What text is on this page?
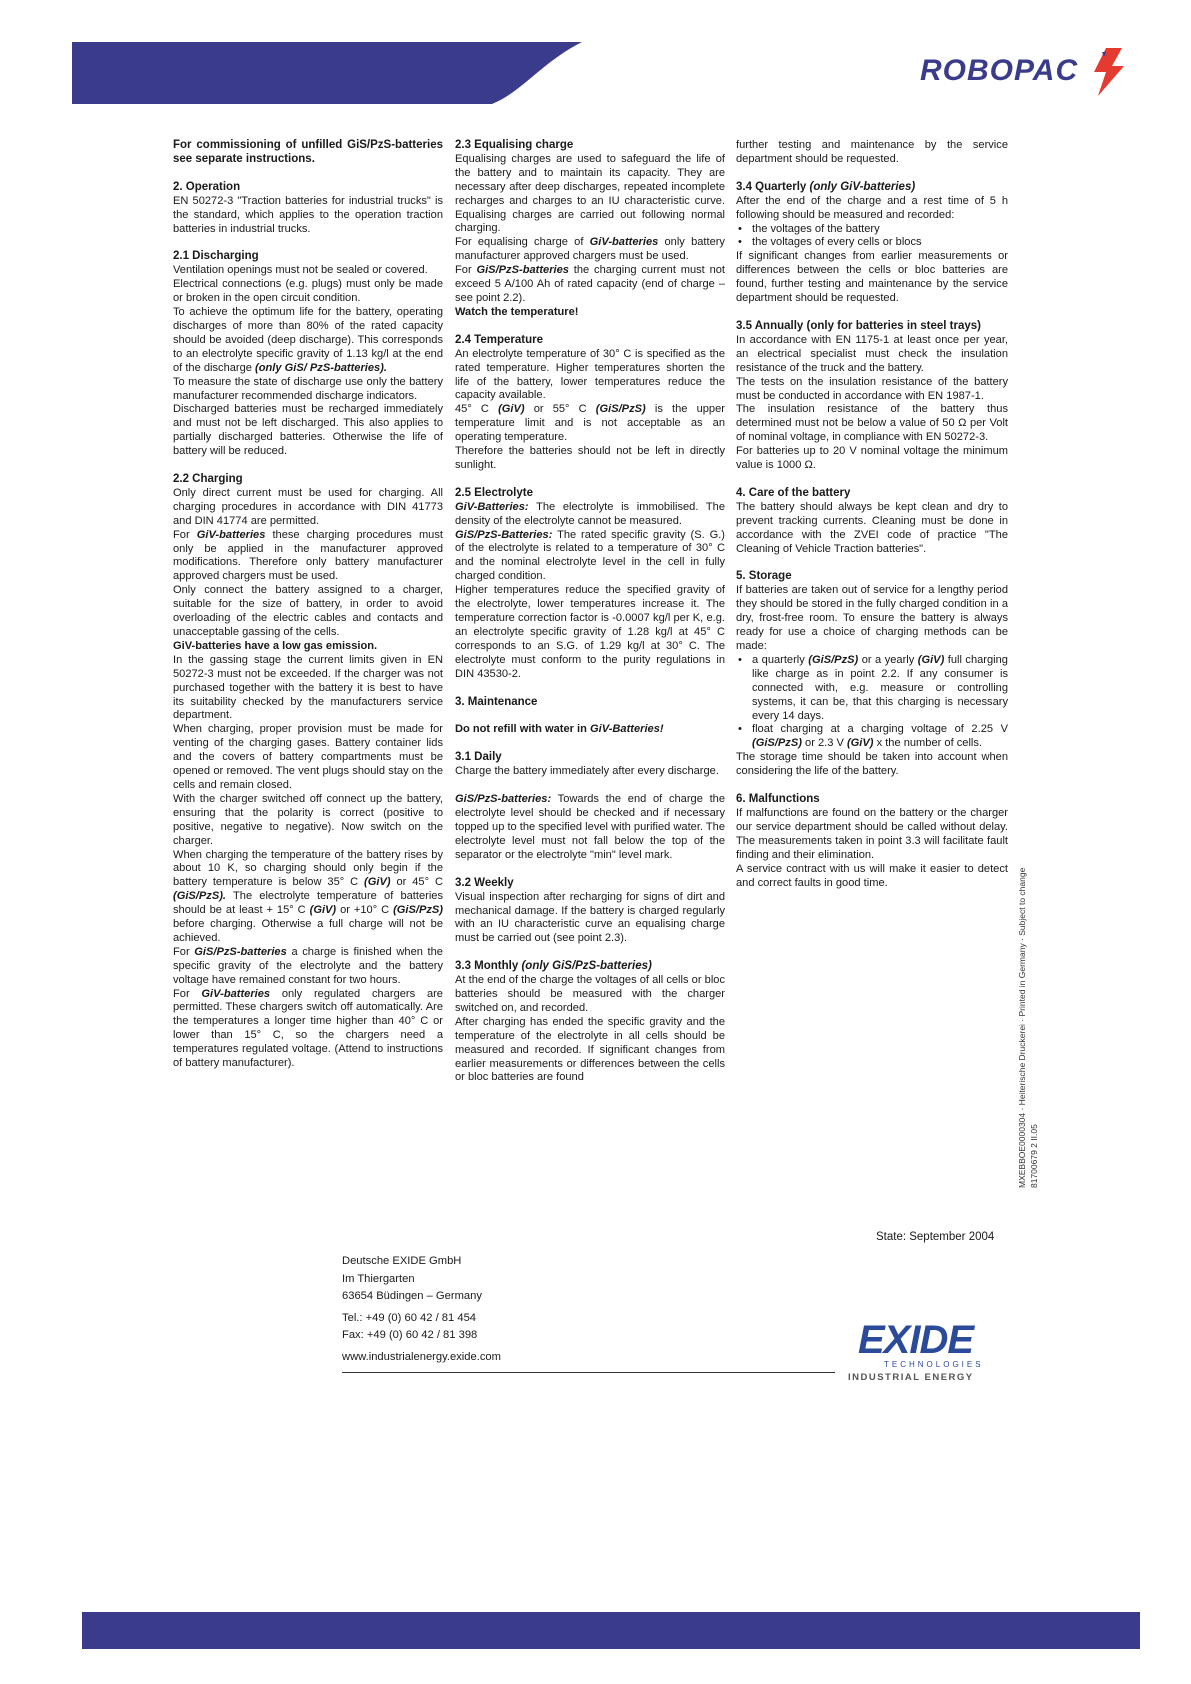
ROBOPAC
For commissioning of unfilled GiS/PzS-batteries see separate instructions.
2. Operation

EN 50272-3 "Traction batteries for industrial trucks" is the standard, which applies to the operation traction batteries in industrial trucks.

2.1 Discharging

Ventilation openings must not be sealed or covered.

Electrical connections (e.g. plugs) must only be made or broken in the open circuit condition.

To achieve the optimum life for the battery, operating discharges of more than 80% of the rated capacity should be avoided (deep discharge). This corresponds to an electrolyte specific gravity of 1.13 kg/l at the end of the discharge (only GiS/ PzS-batteries).

To measure the state of discharge use only the battery manufacturer recommended discharge indicators.

Discharged batteries must be recharged immediately and must not be left discharged. This also applies to partially discharged batteries. Otherwise the life of battery will be reduced.

2.2 Charging

Only direct current must be used for charging. All charging procedures in accordance with DIN 41773 and DIN 41774 are permitted.

For GiV-batteries these charging procedures must only be applied in the manufacturer approved modifications. Therefore only battery manufacturer approved chargers must be used.

Only connect the battery assigned to a charger, suitable for the size of battery, in order to avoid overloading of the electric cables and contacts and unacceptable gassing of the cells.

GiV-batteries have a low gas emission.

In the gassing stage the current limits given in EN 50272-3 must not be exceeded. If the charger was not purchased together with the battery it is best to have its suitability checked by the manufacturers service department.

When charging, proper provision must be made for venting of the charging gases. Battery container lids and the covers of battery compartments must be opened or removed. The vent plugs should stay on the cells and remain closed.

With the charger switched off connect up the battery, ensuring that the polarity is correct (positive to positive, negative to negative). Now switch on the charger.

When charging the temperature of the battery rises by about 10 K, so charging should only begin if the battery temperature is below 35° C (GiV) or 45° C (GiS/PzS). The electrolyte temperature of batteries should be at least + 15° C (GiV) or +10° C (GiS/PzS) before charging. Otherwise a full charge will not be achieved.

For GiS/PzS-batteries a charge is finished when the specific gravity of the electrolyte and the battery voltage have remained constant for two hours.

For GiV-batteries only regulated chargers are permitted. These chargers switch off automatically. Are the temperatures a longer time higher than 40° C or lower than 15° C, so the chargers need a temperatures regulated voltage. (Attend to instructions of battery manufacturer).

2.3 Equalising charge

Equalising charges are used to safeguard the life of the battery and to maintain its capacity. They are necessary after deep discharges, repeated incomplete recharges and charges to an IU characteristic curve. Equalising charges are carried out following normal charging.

For equalising charge of GiV-batteries only battery manufacturer approved chargers must be used.

For GiS/PzS-batteries the charging current must not exceed 5 A/100 Ah of rated capacity (end of charge – see point 2.2).

Watch the temperature!

2.4 Temperature

An electrolyte temperature of 30° C is specified as the rated temperature. Higher temperatures shorten the life of the battery, lower temperatures reduce the capacity available.

45° C (GiV) or 55° C (GiS/PzS) is the upper temperature limit and is not acceptable as an operating temperature.

Therefore the batteries should not be left in directly sunlight.

2.5 Electrolyte

GiV-Batteries: The electrolyte is immobilised. The density of the electrolyte cannot be measured.

GiS/PzS-Batteries: The rated specific gravity (S. G.) of the electrolyte is related to a temperature of 30° C and the nominal electrolyte level in the cell in fully charged condition.

Higher temperatures reduce the specified gravity of the electrolyte, lower temperatures increase it. The temperature correction factor is -0.0007 kg/l per K, e.g. an electrolyte specific gravity of 1.28 kg/l at 45° C corresponds to an S.G. of 1.29 kg/l at 30° C. The electrolyte must conform to the purity regulations in DIN 43530-2.

3. Maintenance

Do not refill with water in GiV-Batteries!

3.1 Daily

Charge the battery immediately after every discharge.

GiS/PzS-batteries: Towards the end of charge the electrolyte level should be checked and if necessary topped up to the specified level with purified water. The electrolyte level must not fall below the top of the separator or the electrolyte "min" level mark.

3.2 Weekly

Visual inspection after recharging for signs of dirt and mechanical damage. If the battery is charged regularly with an IU characteristic curve an equalising charge must be carried out (see point 2.3).

3.3 Monthly (only GiS/PzS-batteries)

At the end of the charge the voltages of all cells or bloc batteries should be measured with the charger switched on, and recorded.

After charging has ended the specific gravity and the temperature of the electrolyte in all cells should be measured and recorded. If significant changes from earlier measurements or differences between the cells or bloc batteries are found

further testing and maintenance by the service department should be requested.

3.4 Quarterly (only GiV-batteries)

After the end of the charge and a rest time of 5 h following should be measured and recorded:

• the voltages of the battery
• the voltages of every cells or blocs

If significant changes from earlier measurements or differences between the cells or bloc batteries are found, further testing and maintenance by the service department should be requested.

3.5 Annually (only for batteries in steel trays)

In accordance with EN 1175-1 at least once per year, an electrical specialist must check the insulation resistance of the truck and the battery.

The tests on the insulation resistance of the battery must be conducted in accordance with EN 1987-1.

The insulation resistance of the battery thus determined must not be below a value of 50 Ω per Volt of nominal voltage, in compliance with EN 50272-3.

For batteries up to 20 V nominal voltage the minimum value is 1000 Ω.

4. Care of the battery

The battery should always be kept clean and dry to prevent tracking currents. Cleaning must be done in accordance with the ZVEI code of practice "The Cleaning of Vehicle Traction batteries".

5. Storage

If batteries are taken out of service for a lengthy period they should be stored in the fully charged condition in a dry, frost-free room. To ensure the battery is always ready for use a choice of charging methods can be made:

• a quarterly (GiS/PzS) or a yearly (GiV) full charging like charge as in point 2.2. If any consumer is connected with, e.g. measure or controlling systems, it can be, that this charging is necessary every 14 days.
• float charging at a charging voltage of 2.25 V (GiS/PzS) or 2.3 V (GiV) x the number of cells.

The storage time should be taken into account when considering the life of the battery.

6. Malfunctions

If malfunctions are found on the battery or the charger our service department should be called without delay. The measurements taken in point 3.3 will facilitate fault finding and their elimination.

A service contract with us will make it easier to detect and correct faults in good time.	MXEBBOE0000304 · Heiterische Druckerei · Printed in Germany · Subject to change 81700679 2 II.05
State: September 2004

Deutsche EXIDE GmbH

Im Thiergarten

63654 Büdingen – Germany

Tel.: +49 (0) 60 42 / 81 454

Fax: +49 (0) 60 42 / 81 398

www.industrialenergy.exide.com	EXIDE
TECHNOLOGIES
INDUSTRIAL ENERGY
